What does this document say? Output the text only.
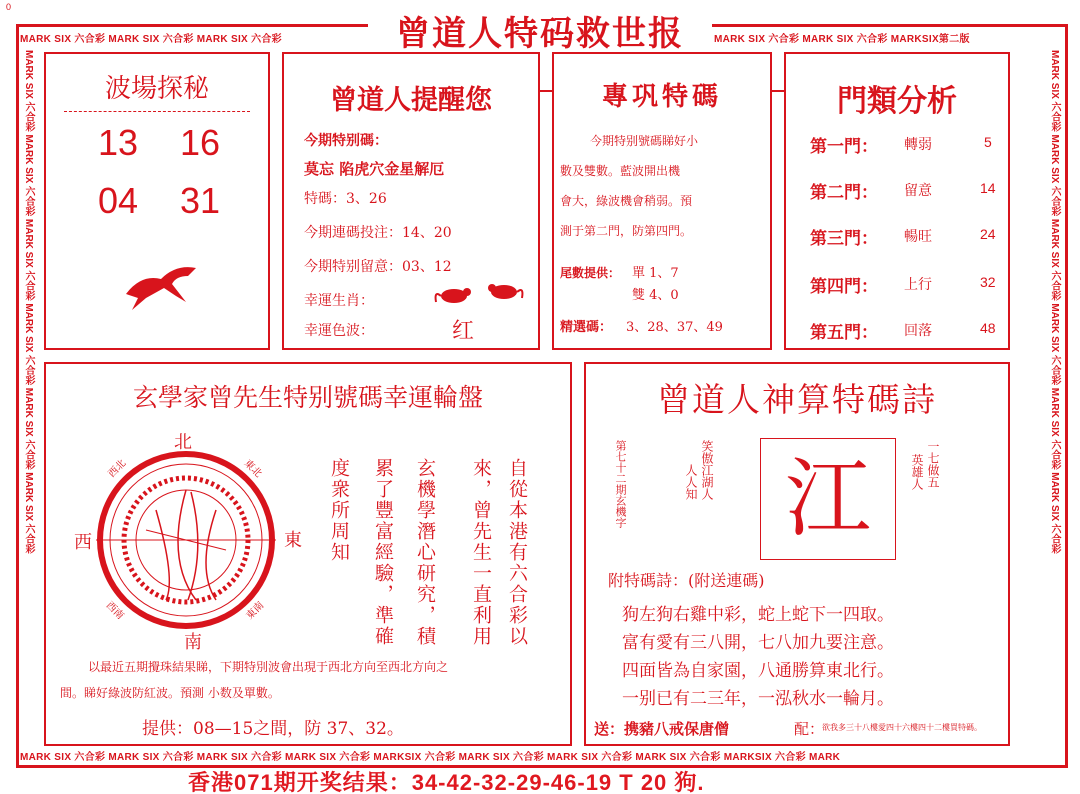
0
MARK SIX 六合彩 MARK SIX 六合彩 MARK SIX 六合彩	MARK SIX 六合彩 MARK SIX 六合彩 MARKSIX第二版
MARK SIX 六合彩 MARK SIX 六合彩 MARK SIX 六合彩 MARK SIX 六合彩 MARKSIX 六合彩 MARK SIX 六合彩 MARK SIX 六合彩 MARK SIX 六合彩 MARKSIX 六合彩 MARK
MARK SIX 六合彩 MARK SIX 六合彩 MARK SIX 六合彩 MARK SIX 六合彩 MARK SIX 六合彩 MARK SIX 六合彩	MARK SIX 六合彩 MARK SIX 六合彩 MARK SIX 六合彩 MARK SIX 六合彩 MARK SIX 六合彩 MARK SIX 六合彩
曾道人特码救世报
波場探秘
13 16
04 31
曾道人提醒您
今期特别碼：
莫忘 陷虎穴金星解厄
特碼：3、26
今期連碼投注：14、20
今期特别留意：03、12
幸運生肖：
幸運色波：	红
專巩特碼
今期特别號碼睇好小
數及雙數。藍波開出機
會大，綠波機會稍弱。預
測于第二門，防第四門。
尾數提供： 單 1、7
雙 4、0
精選碼： 3、28、37、49
門類分析
第一門： 轉弱	5
第二門： 留意	14
第三門： 暢旺	24
第四門： 上行	32
第五門： 回落	48
玄學家曾先生特别號碼幸運輪盤
北
南
西	東
西北	東北
西南	東南	自從本港有六合彩以
來，曾先生一直利用
玄機學潛心研究，積
累了豐富經驗，準確
度衆所周知
以最近五期攪珠結果睇，下期特別波會出現于西北方向至西北方向之
間。睇好綠波防紅波。預測 小数及單數。
提供：08—15之間，防 37、32。
曾道人神算特碼詩
第七十二期玄機字	笑傲江湖人
人人知 江	一七做五
英雄人
附特碼詩：(附送連碼)
狗左狗右雞中彩，蛇上蛇下一四取。
富有愛有三八開，七八加九要注意。
四面皆為自家園，八通勝算東北行。
一别已有二三年，一泓秋水一輪月。
送：携豬八戒保唐僧	配：
欲我多三十八樓愛四十六樓四十二樓買特碼。
香港071期开奖结果：34-42-32-29-46-19 T 20 狗.
